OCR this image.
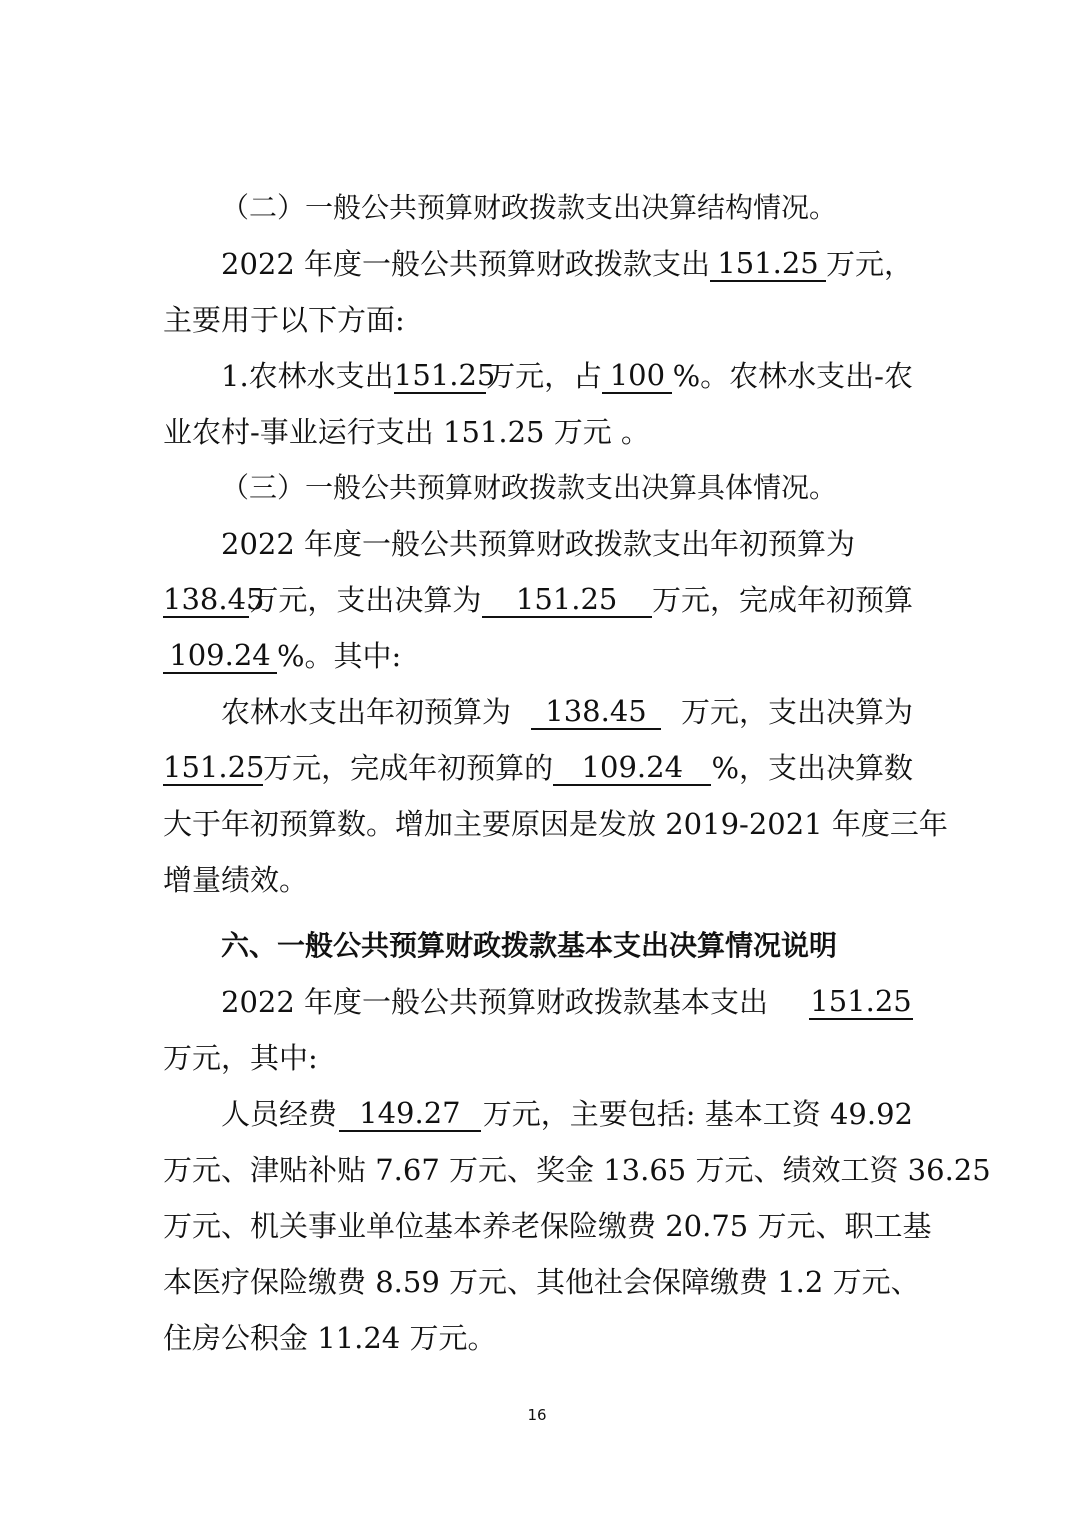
（二）一般公共预算财政拨款支出决算结构情况。
2022 年度一般公共预算财政拨款支出 151.25 万元，
主要用于以下方面:
1.农林水支出 151.25
万元，占 100 %。农林水支出-农
业农村-事业运行支出 151.25 万元 。
（三）一般公共预算财政拨款支出决算具体情况。
2022 年度一般公共预算财政拨款支出年初预算为
138.45
万元，支出决算为	151.25	万元，完成年初预算
109.24 %。其中:
农林水支出年初预算为	138.45	万元，支出决算为
151.25
万元，完成年初预算的 109.24 %，支出决算数
大于年初预算数。增加主要原因是发放 2019-2021 年度三年
增量绩效。
六、一般公共预算财政拨款基本支出决算情况说明
2022 年度一般公共预算财政拨款基本支出 151.25
万元，其中:
人员经费 149.27 万元，主要包括: 基本工资 49.92
万元、津贴补贴 7.67 万元、奖金 13.65 万元、绩效工资 36.25
万元、机关事业单位基本养老保险缴费 20.75 万元、职工基
本医疗保险缴费 8.59 万元、其他社会保障缴费 1.2 万元、
住房公积金 11.24 万元。
16
